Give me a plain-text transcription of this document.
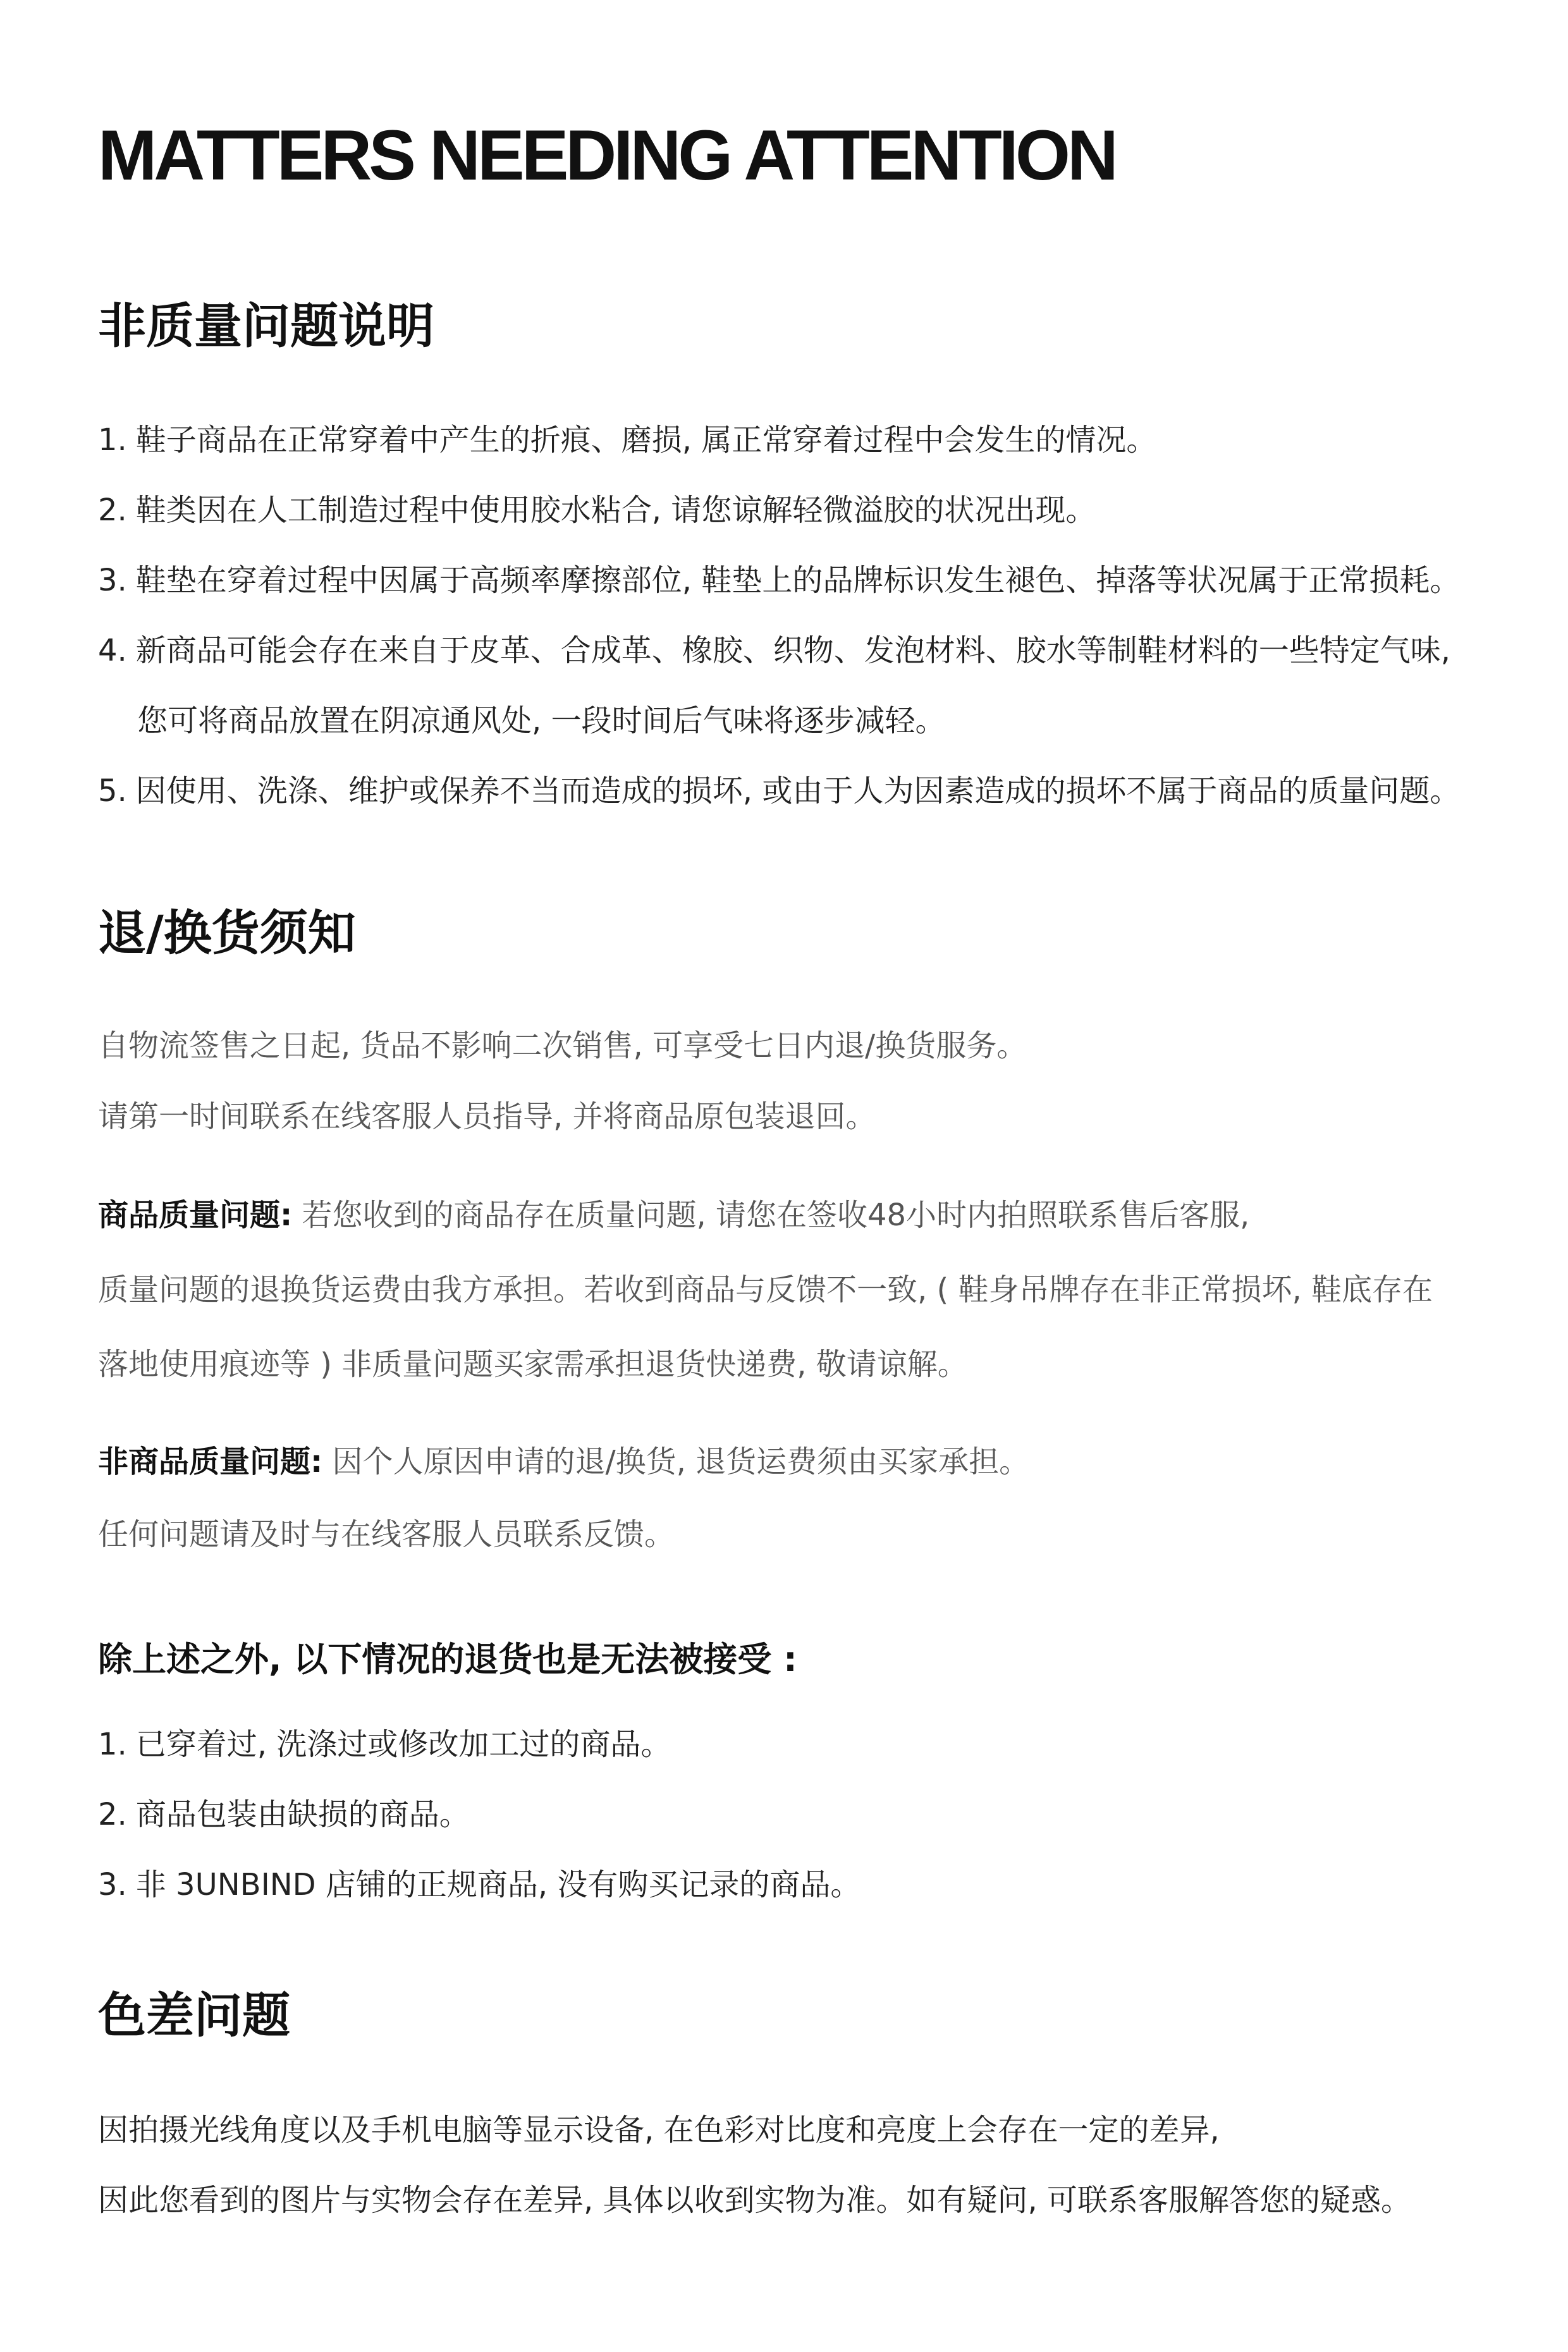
MATTERS NEEDING ATTENTION
非质量问题说明
1. 鞋子商品在正常穿着中产生的折痕、磨损, 属正常穿着过程中会发生的情况。
2. 鞋类因在人工制造过程中使用胶水粘合, 请您谅解轻微溢胶的状况出现。
3. 鞋垫在穿着过程中因属于高频率摩擦部位, 鞋垫上的品牌标识发生褪色、掉落等状况属于正常损耗。
4. 新商品可能会存在来自于皮革、合成革、橡胶、织物、发泡材料、胶水等制鞋材料的一些特定气味,
您可将商品放置在阴凉通风处, 一段时间后气味将逐步减轻。
5. 因使用、洗涤、维护或保养不当而造成的损坏, 或由于人为因素造成的损坏不属于商品的质量问题。
退/换货须知
自物流签售之日起, 货品不影响二次销售, 可享受七日内退/换货服务。
请第一时间联系在线客服人员指导, 并将商品原包装退回。
商品质量问题: 若您收到的商品存在质量问题, 请您在签收48小时内拍照联系售后客服,
质量问题的退换货运费由我方承担。若收到商品与反馈不一致, ( 鞋身吊牌存在非正常损坏, 鞋底存在
落地使用痕迹等 ) 非质量问题买家需承担退货快递费, 敬请谅解。
非商品质量问题: 因个人原因申请的退/换货, 退货运费须由买家承担。
任何问题请及时与在线客服人员联系反馈。
除上述之外, 以下情况的退货也是无法被接受 :
1. 已穿着过, 洗涤过或修改加工过的商品。
2. 商品包装由缺损的商品。
3. 非 3UNBIND 店铺的正规商品, 没有购买记录的商品。
色差问题
因拍摄光线角度以及手机电脑等显示设备, 在色彩对比度和亮度上会存在一定的差异,
因此您看到的图片与实物会存在差异, 具体以收到实物为准。如有疑问, 可联系客服解答您的疑惑。
